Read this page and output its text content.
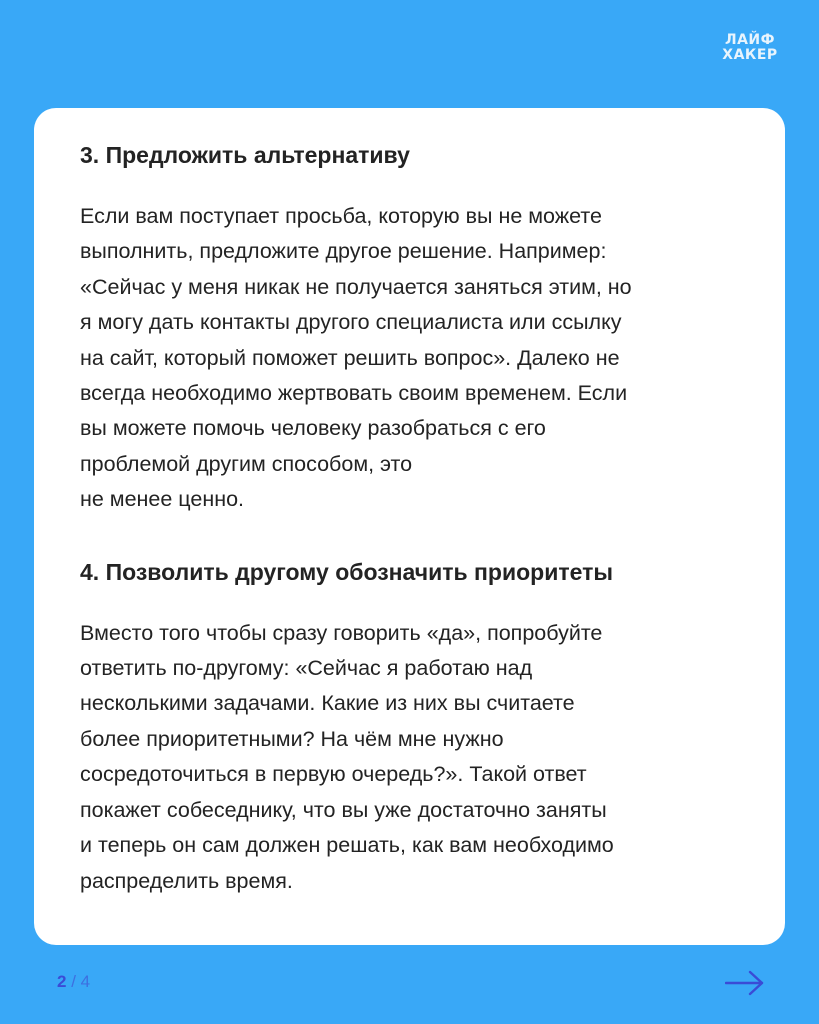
ЛАЙФ
ХАКЕР
3. Предложить альтернативу

Если вам поступает просьба, которую вы не можете
выполнить, предложите другое решение. Например:
«Сейчас у меня никак не получается заняться этим, но
я могу дать контакты другого специалиста или ссылку
на сайт, который поможет решить вопрос». Далеко не
всегда необходимо жертвовать своим временем. Если
вы можете помочь человеку разобраться с его
проблемой другим способом, это
не менее ценно.

4. Позволить другому обозначить приоритеты

Вместо того чтобы сразу говорить «да», попробуйте
ответить по-другому: «Сейчас я работаю над
несколькими задачами. Какие из них вы считаете
более приоритетными? На чём мне нужно
сосредоточиться в первую очередь?». Такой ответ
покажет собеседнику, что вы уже достаточно заняты
и теперь он сам должен решать, как вам необходимо
распределить время.

2 / 4
